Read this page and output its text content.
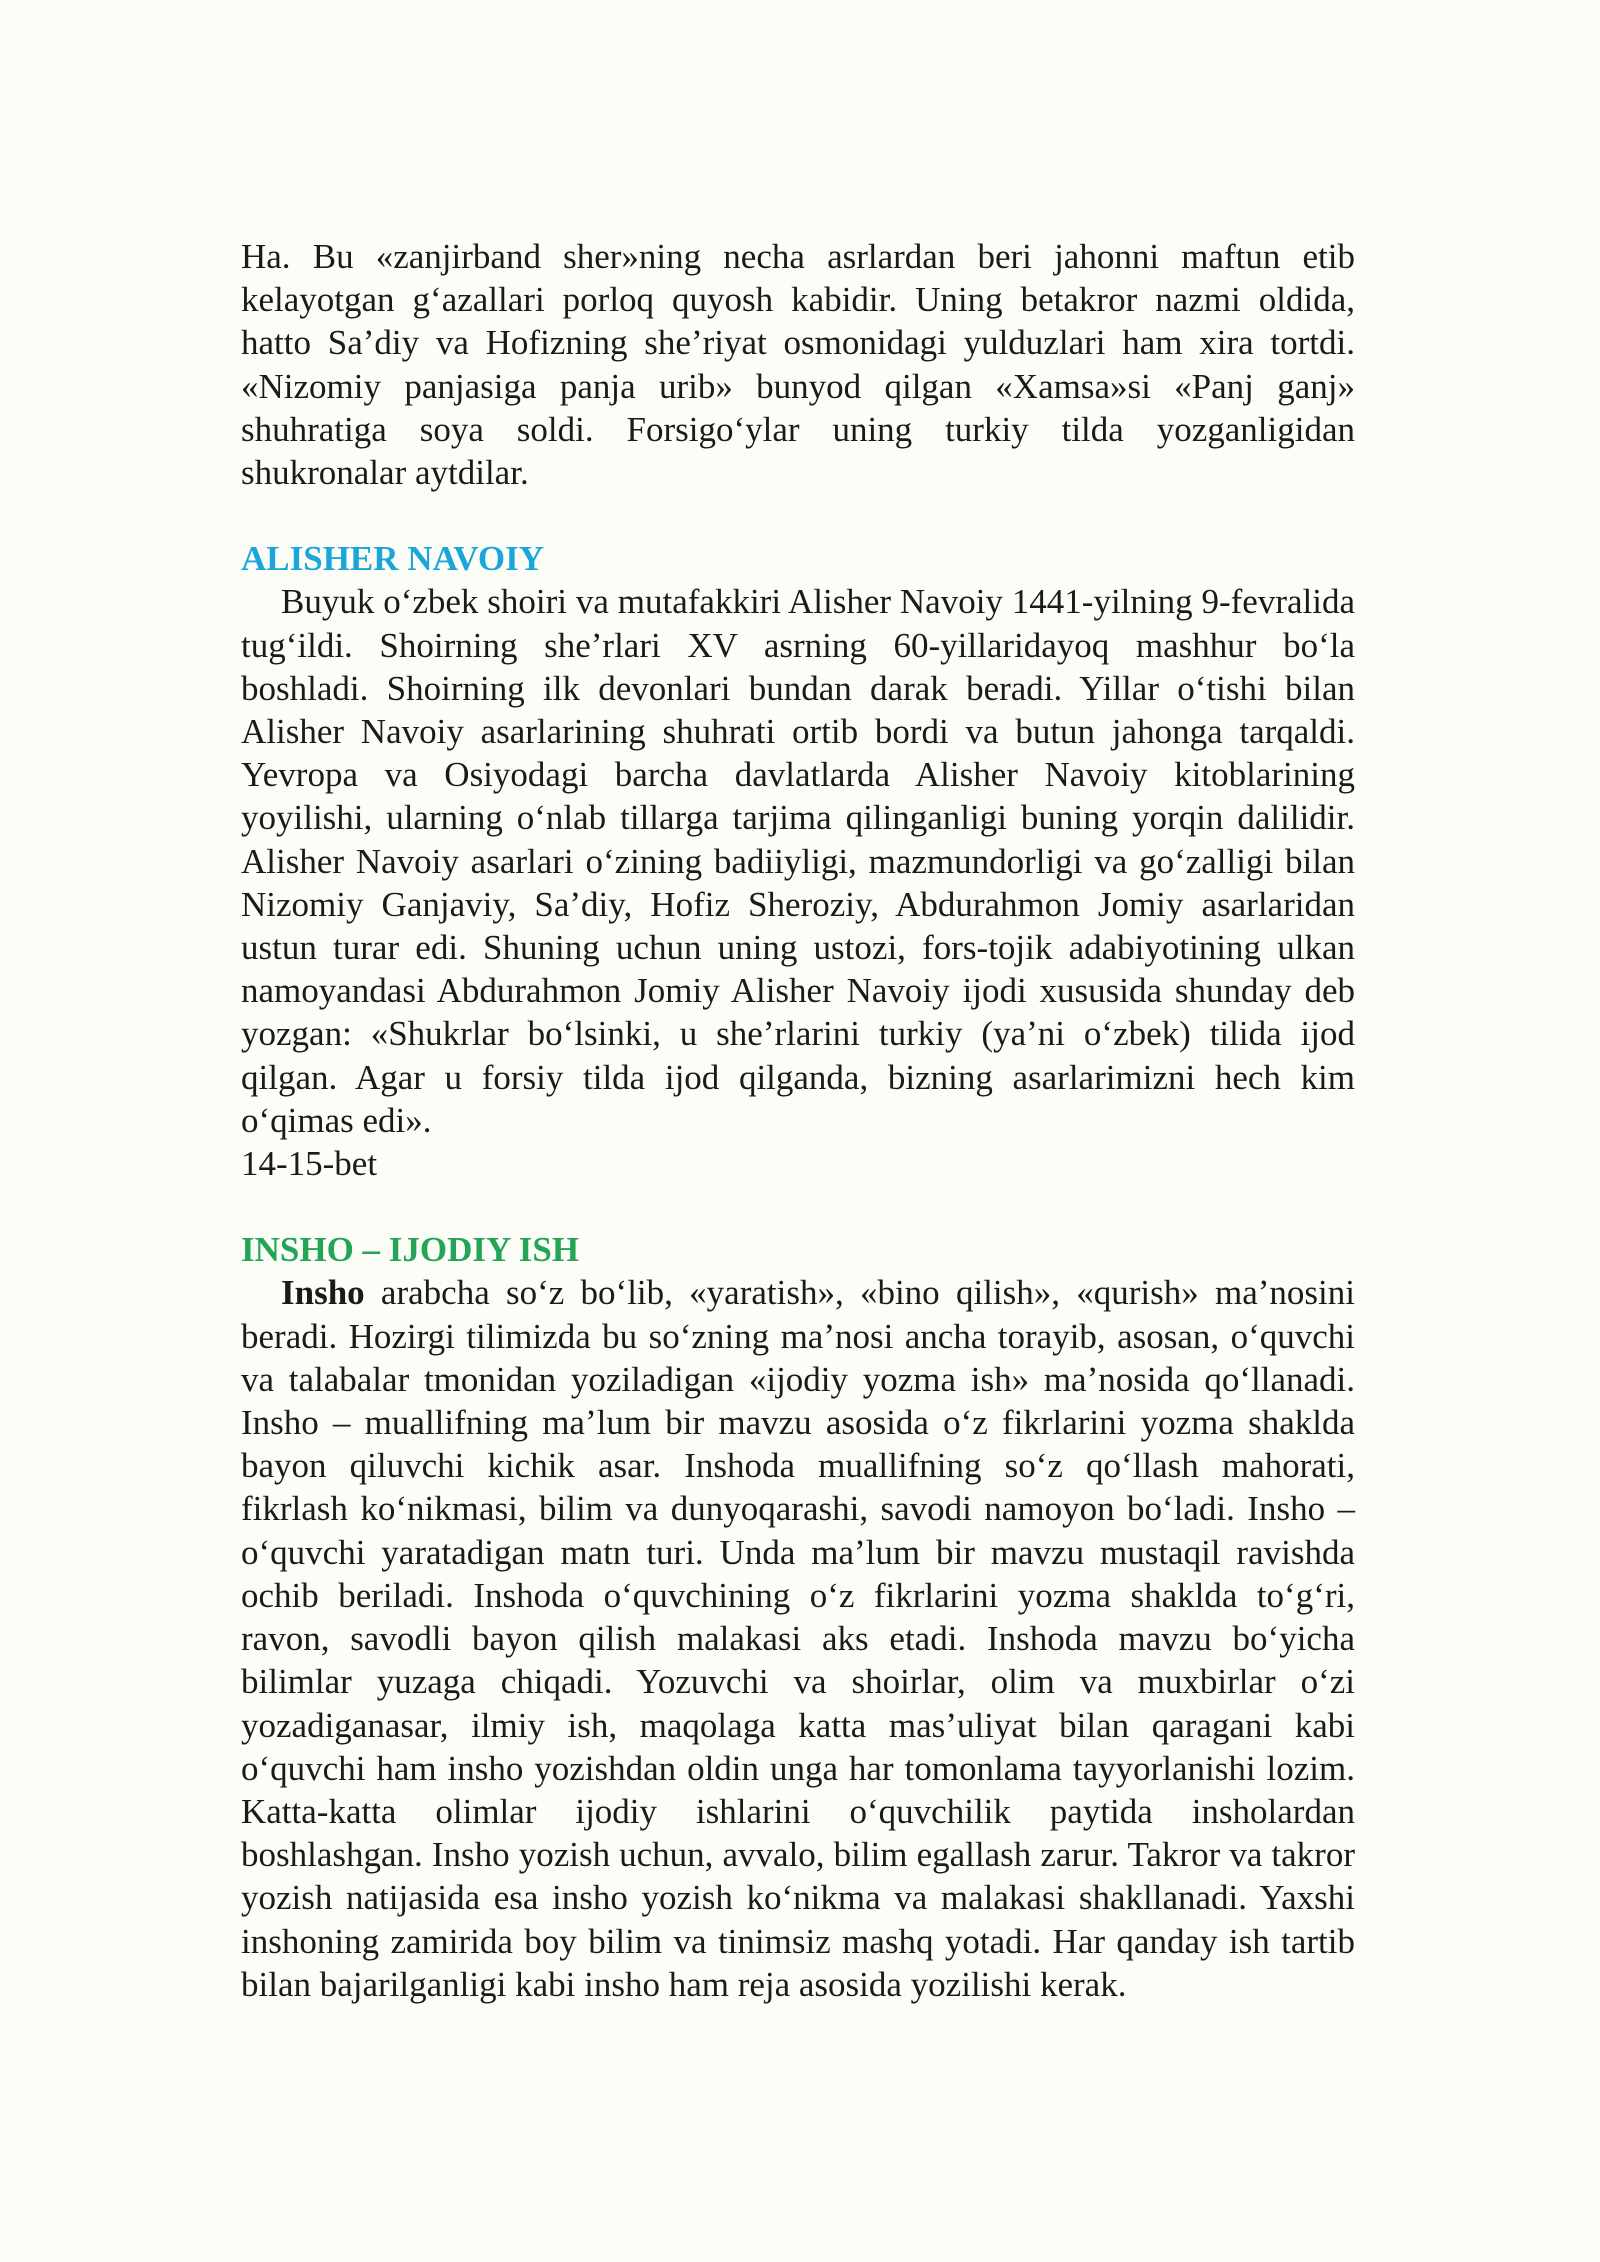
Ha. Bu «zanjirband sher»ning necha asrlardan beri jahonni maftun etib kelayotgan gʻazallari porloq quyosh kabidir. Uning betakror nazmi oldida, hatto Saʼdiy va Hofizning sheʼriyat osmonidagi yulduzlari ham xira tortdi. «Nizomiy panjasiga panja urib» bunyod qilgan «Xamsa»si «Panj ganj» shuhratiga soya soldi. Forsigoʻylar uning turkiy tilda yozganligidan shukronalar aytdilar.

ALISHER NAVOIY

Buyuk oʻzbek shoiri va mutafakkiri Alisher Navoiy 1441-yilning 9-fevralida tugʻildi. Shoirning sheʼrlari XV asrning 60-yillaridayoq mashhur boʻla boshladi. Shoirning ilk devonlari bundan darak beradi. Yillar oʻtishi bilan Alisher Navoiy asarlarining shuhrati ortib bordi va butun jahonga tarqaldi. Yevropa va Osiyodagi barcha davlatlarda Alisher Navoiy kitoblarining yoyilishi, ularning oʻnlab tillarga tarjima qilinganligi buning yorqin dalilidir. Alisher Navoiy asarlari oʻzining badiiyligi, mazmundorligi va goʻzalligi bilan Nizomiy Ganjaviy, Saʼdiy, Hofiz Sheroziy, Abdurahmon Jomiy asarlaridan ustun turar edi. Shuning uchun uning ustozi, fors-tojik adabiyotining ulkan namoyandasi Abdurahmon Jomiy Alisher Navoiy ijodi xususida shunday deb yozgan: «Shukrlar boʻlsinki, u sheʼrlarini turkiy (yaʼni oʻzbek) tilida ijod qilgan. Agar u forsiy tilda ijod qilganda, bizning asarlarimizni hech kim oʻqimas edi».

14-15-bet

INSHO – IJODIY ISH

Insho arabcha soʻz boʻlib, «yaratish», «bino qilish», «qurish» maʼnosini beradi. Hozirgi tilimizda bu soʻzning maʼnosi ancha torayib, asosan, oʻquvchi va talabalar tmonidan yoziladigan «ijodiy yozma ish» maʼnosida qoʻllanadi. Insho – muallifning maʼlum bir mavzu asosida oʻz fikrlarini yozma shaklda bayon qiluvchi kichik asar. Inshoda muallifning soʻz qoʻllash mahorati, fikrlash koʻnikmasi, bilim va dunyoqarashi, savodi namoyon boʻladi. Insho – oʻquvchi yaratadigan matn turi. Unda maʼlum bir mavzu mustaqil ravishda ochib beriladi. Inshoda oʻquvchining oʻz fikrlarini yozma shaklda toʻgʻri, ravon, savodli bayon qilish malakasi aks etadi. Inshoda mavzu boʻyicha bilimlar yuzaga chiqadi. Yozuvchi va shoirlar, olim va muxbirlar oʻzi yozadiganasar, ilmiy ish, maqolaga katta masʼuliyat bilan qaragani kabi oʻquvchi ham insho yozishdan oldin unga har tomonlama tayyorlanishi lozim. Katta-katta olimlar ijodiy ishlarini oʻquvchilik paytida insholardan boshlashgan. Insho yozish uchun, avvalo, bilim egallash zarur. Takror va takror yozish natijasida esa insho yozish koʻnikma va malakasi shakllanadi. Yaxshi inshoning zamirida boy bilim va tinimsiz mashq yotadi. Har qanday ish tartib bilan bajarilganligi kabi insho ham reja asosida yozilishi kerak.
